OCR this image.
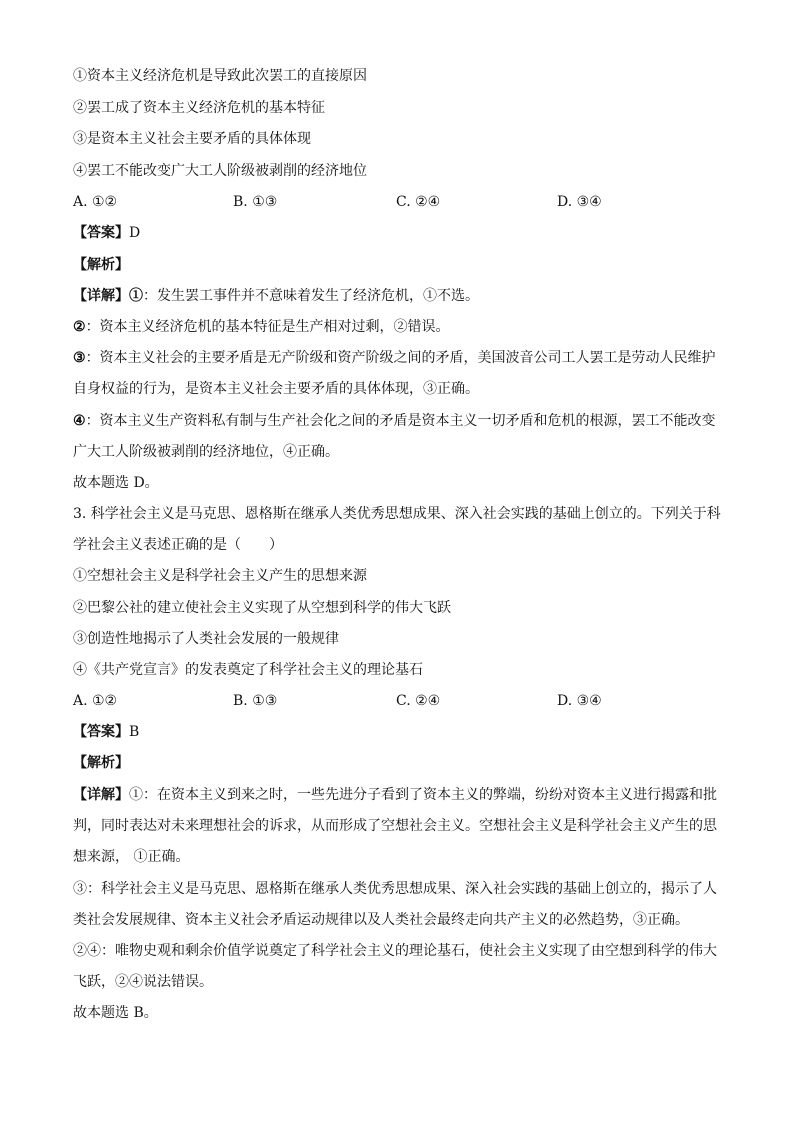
①资本主义经济危机是导致此次罢工的直接原因
②罢工成了资本主义经济危机的基本特征
③是资本主义社会主要矛盾的具体体现
④罢工不能改变广大工人阶级被剥削的经济地位
A. ①②	B. ①③	C. ②④	D. ③④
【答案】D
【解析】
【详解】①：发生罢工事件并不意味着发生了经济危机，①不选。
②：资本主义经济危机的基本特征是生产相对过剩，②错误。
③：资本主义社会的主要矛盾是无产阶级和资产阶级之间的矛盾，美国波音公司工人罢工是劳动人民维护
自身权益的行为，是资本主义社会主要矛盾的具体体现，③正确。
④：资本主义生产资料私有制与生产社会化之间的矛盾是资本主义一切矛盾和危机的根源，罢工不能改变
广大工人阶级被剥削的经济地位，④正确。
故本题选 D。
3. 科学社会主义是马克思、恩格斯在继承人类优秀思想成果、深入社会实践的基础上创立的。下列关于科
学社会主义表述正确的是（　　）
①空想社会主义是科学社会主义产生的思想来源
②巴黎公社的建立使社会主义实现了从空想到科学的伟大飞跃
③创造性地揭示了人类社会发展的一般规律
④《共产党宣言》的发表奠定了科学社会主义的理论基石
A. ①②	B. ①③	C. ②④	D. ③④
【答案】B
【解析】
【详解】①：在资本主义到来之时，一些先进分子看到了资本主义的弊端，纷纷对资本主义进行揭露和批
判，同时表达对未来理想社会的诉求，从而形成了空想社会主义。空想社会主义是科学社会主义产生的思
想来源， ①正确。
③：科学社会主义是马克思、恩格斯在继承人类优秀思想成果、深入社会实践的基础上创立的，揭示了人
类社会发展规律、资本主义社会矛盾运动规律以及人类社会最终走向共产主义的必然趋势，③正确。
②④：唯物史观和剩余价值学说奠定了科学社会主义的理论基石，使社会主义实现了由空想到科学的伟大
飞跃，②④说法错误。
故本题选 B。
